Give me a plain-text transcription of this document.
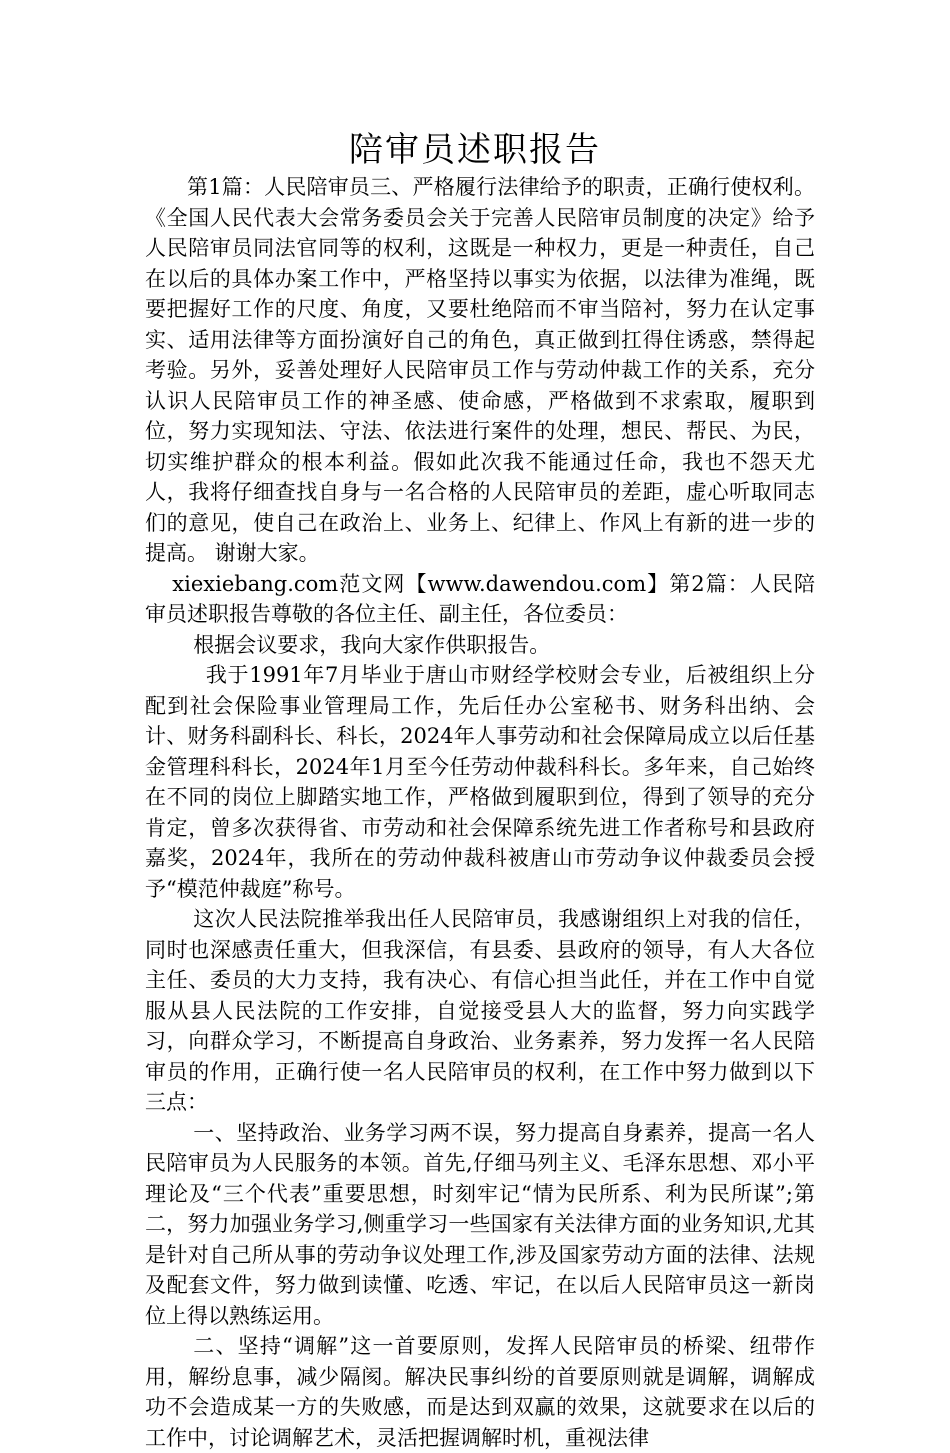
陪审员述职报告

第1篇：人民陪审员三、严格履行法律给予的职责，正确行使权利。《全国人民代表大会常务委员会关于完善人民陪审员制度的决定》给予人民陪审员同法官同等的权利，这既是一种权力，更是一种责任，自己在以后的具体办案工作中，严格坚持以事实为依据，以法律为准绳，既要把握好工作的尺度、角度，又要杜绝陪而不审当陪衬，努力在认定事实、适用法律等方面扮演好自己的角色，真正做到扛得住诱惑，禁得起考验。另外，妥善处理好人民陪审员工作与劳动仲裁工作的关系，充分认识人民陪审员工作的神圣感、使命感，严格做到不求索取，履职到位，努力实现知法、守法、依法进行案件的处理，想民、帮民、为民，切实维护群众的根本利益。假如此次我不能通过任命，我也不怨天尤人，我将仔细查找自身与一名合格的人民陪审员的差距，虚心听取同志们的意见，使自己在政治上、业务上、纪律上、作风上有新的进一步的提高。 谢谢大家。

xiexiebang.com范文网【www.dawendou.com】第2篇：人民陪审员述职报告尊敬的各位主任、副主任，各位委员：

根据会议要求，我向大家作供职报告。

我于1991年7月毕业于唐山市财经学校财会专业，后被组织上分配到社会保险事业管理局工作，先后任办公室秘书、财务科出纳、会计、财务科副科长、科长，2024年人事劳动和社会保障局成立以后任基金管理科科长，2024年1月至今任劳动仲裁科科长。多年来，自己始终在不同的岗位上脚踏实地工作，严格做到履职到位，得到了领导的充分肯定，曾多次获得省、市劳动和社会保障系统先进工作者称号和县政府嘉奖，2024年，我所在的劳动仲裁科被唐山市劳动争议仲裁委员会授予“模范仲裁庭”称号。

这次人民法院推举我出任人民陪审员，我感谢组织上对我的信任，同时也深感责任重大，但我深信，有县委、县政府的领导，有人大各位主任、委员的大力支持，我有决心、有信心担当此任，并在工作中自觉服从县人民法院的工作安排，自觉接受县人大的监督，努力向实践学习，向群众学习，不断提高自身政治、业务素养，努力发挥一名人民陪审员的作用，正确行使一名人民陪审员的权利，在工作中努力做到以下三点：

一、坚持政治、业务学习两不误，努力提高自身素养，提高一名人民陪审员为人民服务的本领。首先,仔细马列主义、毛泽东思想、邓小平理论及“三个代表”重要思想，时刻牢记“情为民所系、利为民所谋”;第二，努力加强业务学习,侧重学习一些国家有关法律方面的业务知识,尤其是针对自己所从事的劳动争议处理工作,涉及国家劳动方面的法律、法规及配套文件，努力做到读懂、吃透、牢记，在以后人民陪审员这一新岗位上得以熟练运用。

二、坚持“调解”这一首要原则，发挥人民陪审员的桥梁、纽带作用，解纷息事，减少隔阂。解决民事纠纷的首要原则就是调解，调解成功不会造成某一方的失败感，而是达到双赢的效果，这就要求在以后的工作中，讨论调解艺术，灵活把握调解时机，重视法律
